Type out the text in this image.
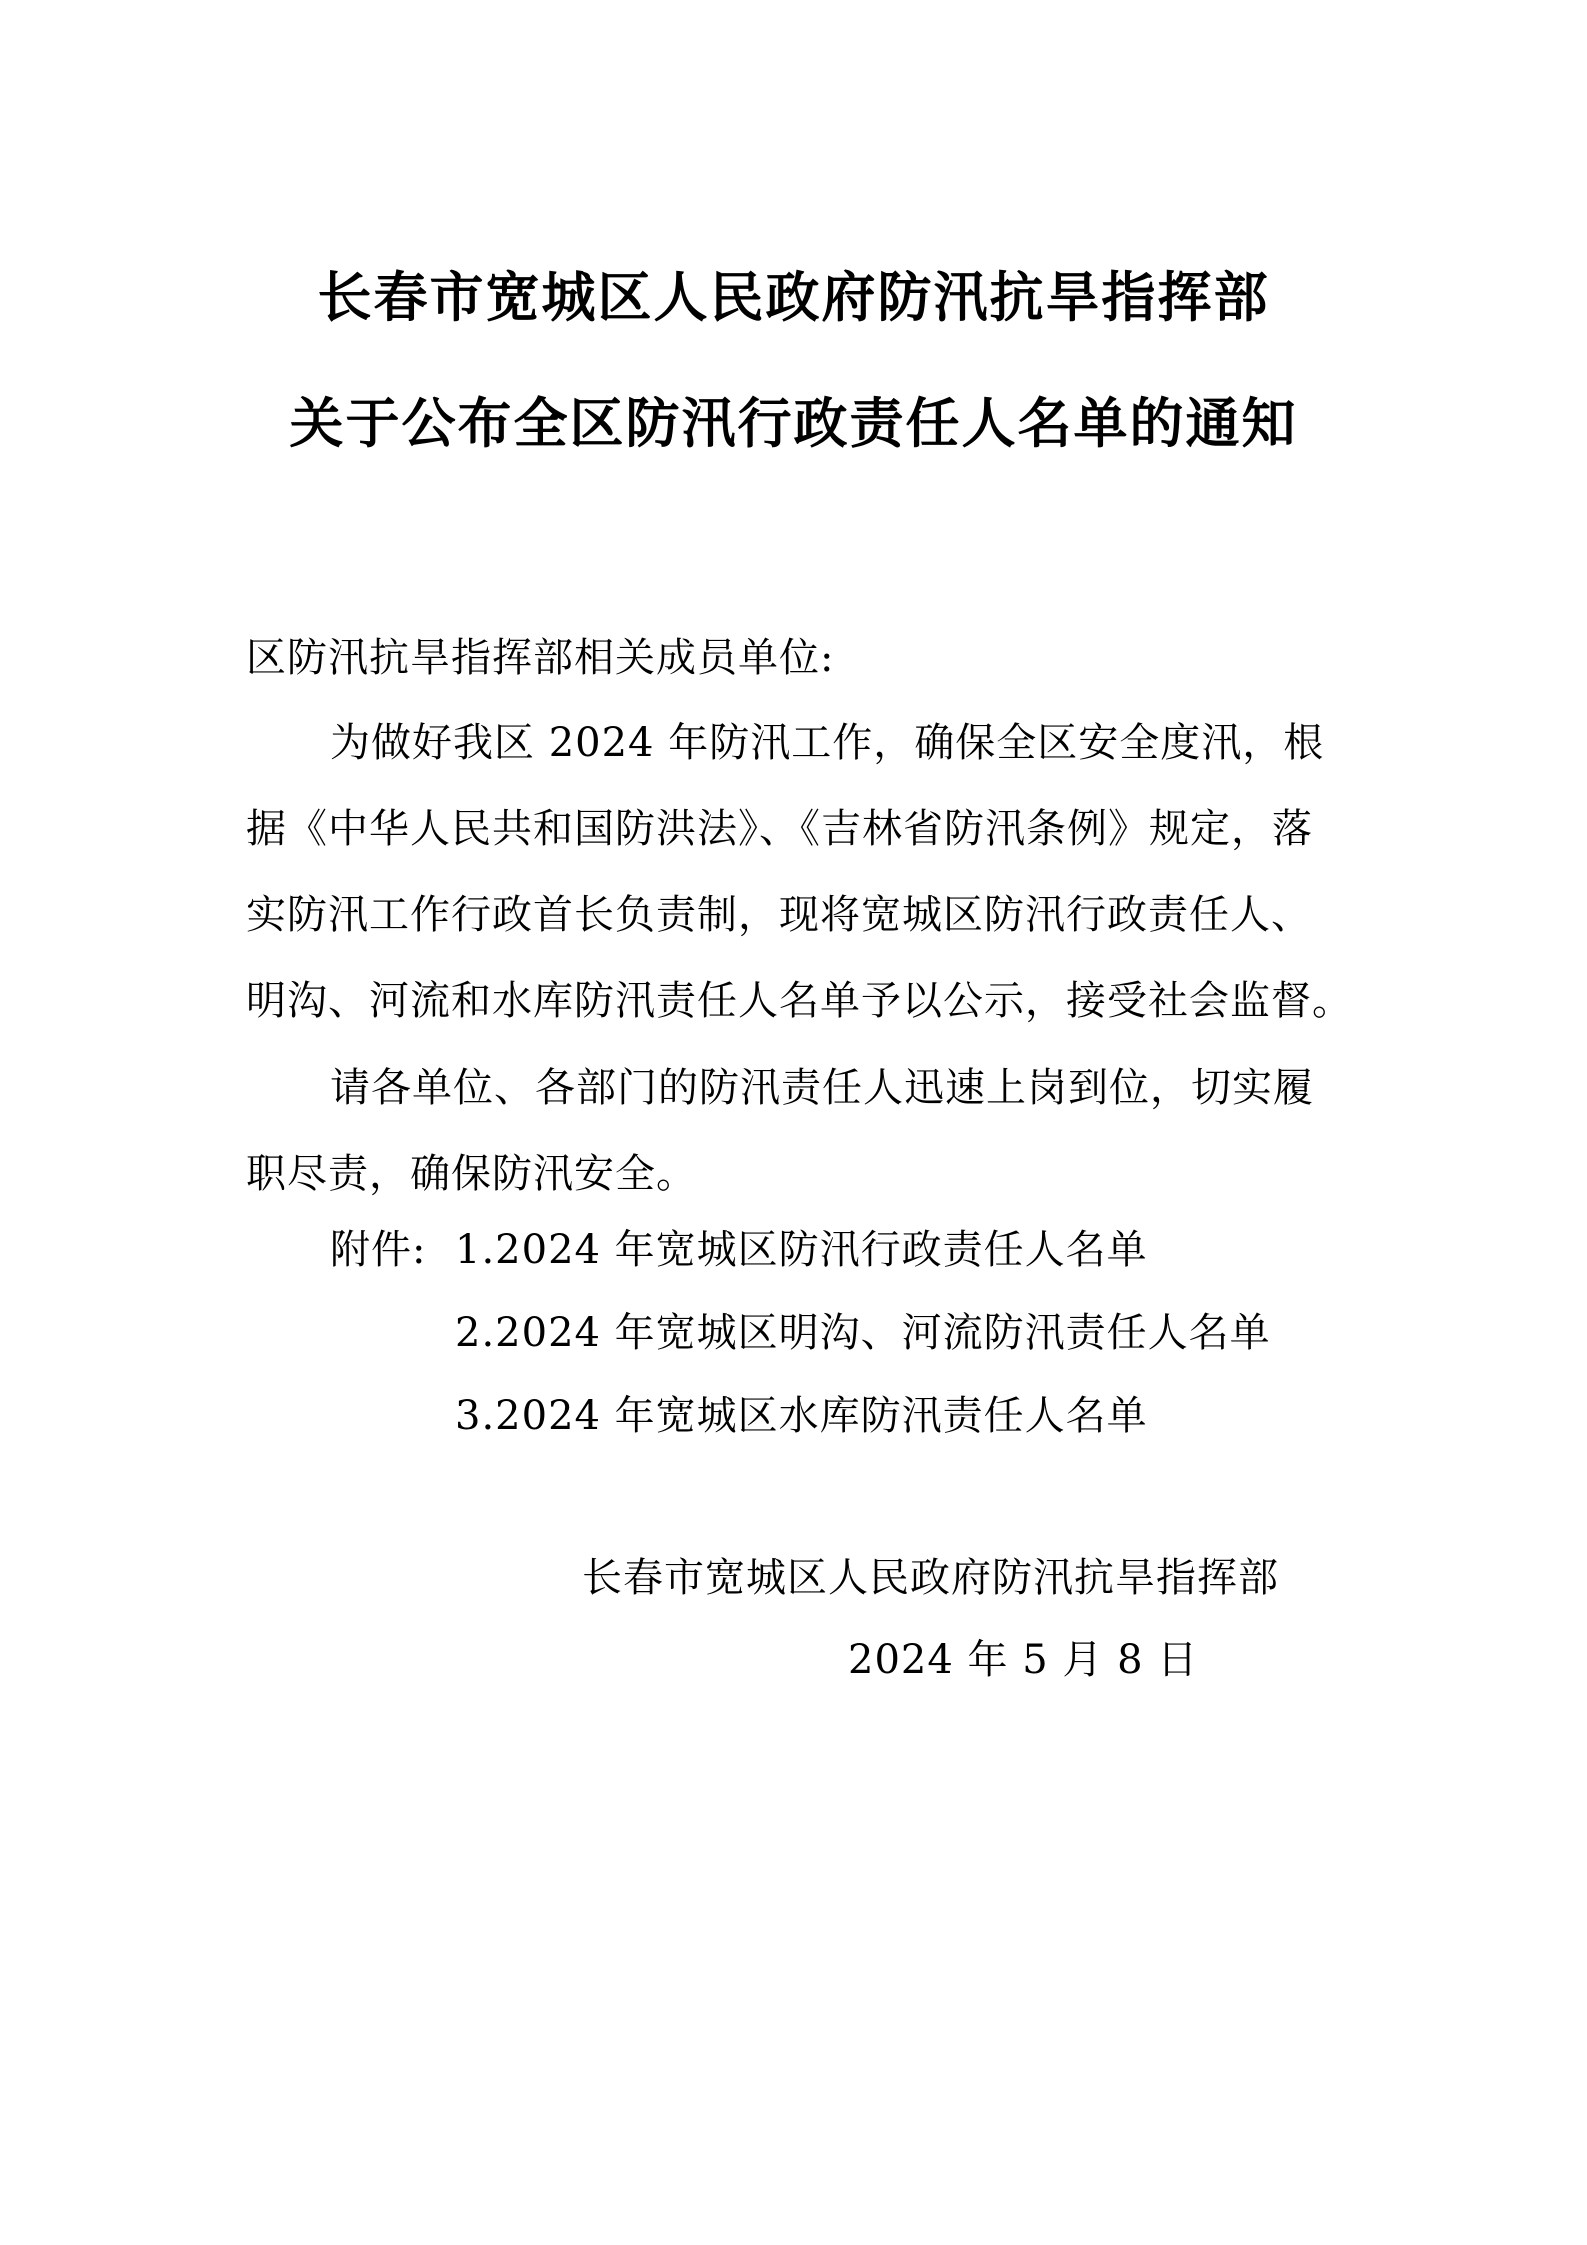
长春市宽城区人民政府防汛抗旱指挥部
关于公布全区防汛行政责任人名单的通知
区防汛抗旱指挥部相关成员单位:
为做好我区 2024 年防汛工作，确保全区安全度汛，根
据《中华人民共和国防洪法》、《吉林省防汛条例》规定，落
实防汛工作行政首长负责制，现将宽城区防汛行政责任人、
明沟、河流和水库防汛责任人名单予以公示，接受社会监督。
请各单位、各部门的防汛责任人迅速上岗到位，切实履
职尽责，确保防汛安全。
附件: 1.2024 年宽城区防汛行政责任人名单
2.2024 年宽城区明沟、河流防汛责任人名单
3.2024 年宽城区水库防汛责任人名单
长春市宽城区人民政府防汛抗旱指挥部
2024 年 5 月 8 日
